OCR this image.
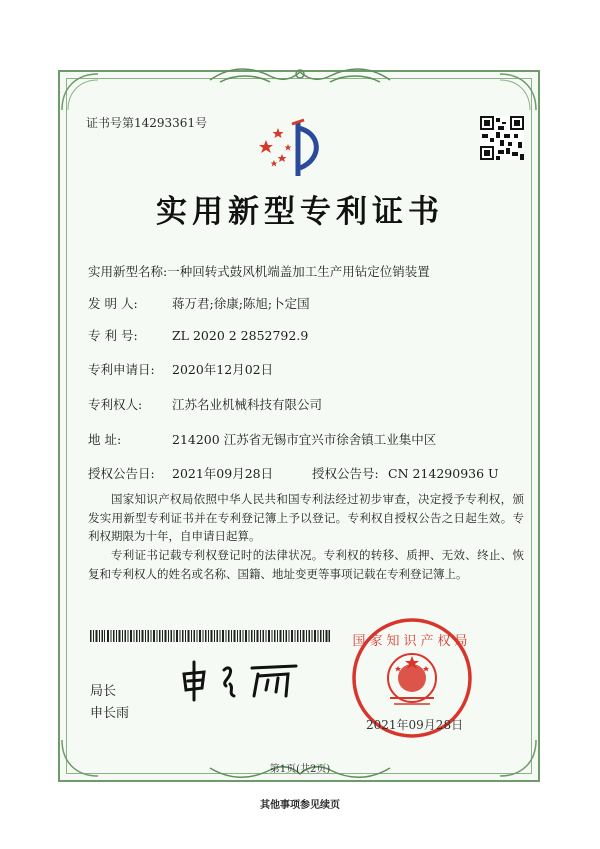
证书号第14293361号
实用新型专利证书
实用新型名称:一种回转式鼓风机端盖加工生产用钻定位销装置
发 明 人:	蒋万君;徐康;陈旭;卜定国
专 利 号:	ZL 2020 2 2852792.9
专利申请日: 2020年12月02日
专利权人: 江苏名业机械科技有限公司
地 址:	214200 江苏省无锡市宜兴市徐舍镇工业集中区
授权公告日: 2021年09月28日	授权公告号: CN 214290936 U
国家知识产权局依照中华人民共和国专利法经过初步审查，决定授予专利权，颁发实用新型专利证书并在专利登记簿上予以登记。专利权自授权公告之日起生效。专利权期限为十年，自申请日起算。
专利证书记载专利权登记时的法律状况。专利权的转移、质押、无效、终止、恢复和专利权人的姓名或名称、国籍、地址变更等事项记载在专利登记簿上。
局长
申长雨
国家知识产权局
2021年09月28日
第1页(共2页)
其他事项参见续页
